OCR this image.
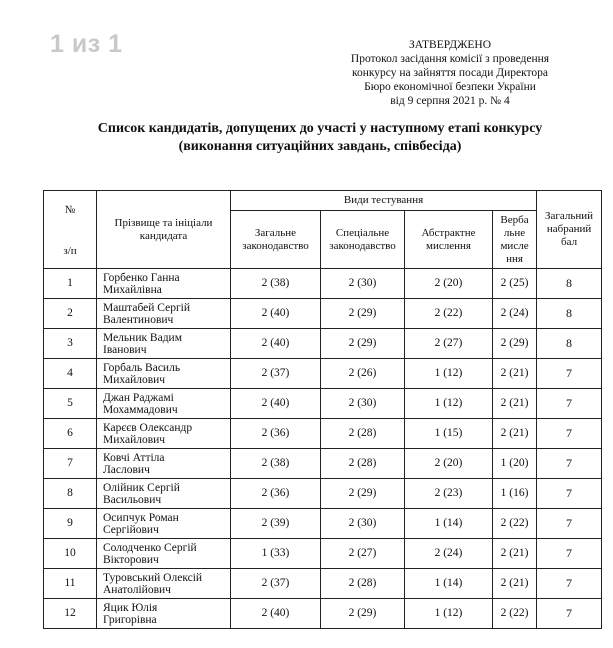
1 из 1	ЗАТВЕРДЖЕНО
Протокол засідання комісії з проведення
конкурсу на зайняття посади Директора
Бюро економічної безпеки України
від 9 серпня 2021 р. № 4
Список кандидатів, допущених до участі у наступному етапі конкурсу
(виконання ситуаційних завдань, співбесіда)
№
з/п	Прізвище та ініціали кандидата	Види тестування				Загальний набраний бал
		Загальне законодавство	Спеціальне законодавство	Абстрактне мислення	Верба льне мисле ння	
1	Горбенко Ганна
Михайлівна	2 (38)	2 (30)	2 (20)	2 (25)	8
2	Маштабей Сергій
Валентинович	2 (40)	2 (29)	2 (22)	2 (24)	8
3	Мельник Вадим
Іванович	2 (40)	2 (29)	2 (27)	2 (29)	8
4	Горбаль Василь
Михайлович	2 (37)	2 (26)	1 (12)	2 (21)	7
5	Джан Раджамі
Мохаммадович	2 (40)	2 (30)	1 (12)	2 (21)	7
6	Карєєв Олександр
Михайлович	2 (36)	2 (28)	1 (15)	2 (21)	7
7	Ковчі Аттіла
Ласлович	2 (38)	2 (28)	2 (20)	1 (20)	7
8	Олійник Сергій
Васильович	2 (36)	2 (29)	2 (23)	1 (16)	7
9	Осипчук Роман
Сергійович	2 (39)	2 (30)	1 (14)	2 (22)	7
10	Солодченко Сергій
Вікторович	1 (33)	2 (27)	2 (24)	2 (21)	7
11	Туровський Олексій
Анатолійович	2 (37)	2 (28)	1 (14)	2 (21)	7
12	Яцик Юлія
Григорівна	2 (40)	2 (29)	1 (12)	2 (22)	7
